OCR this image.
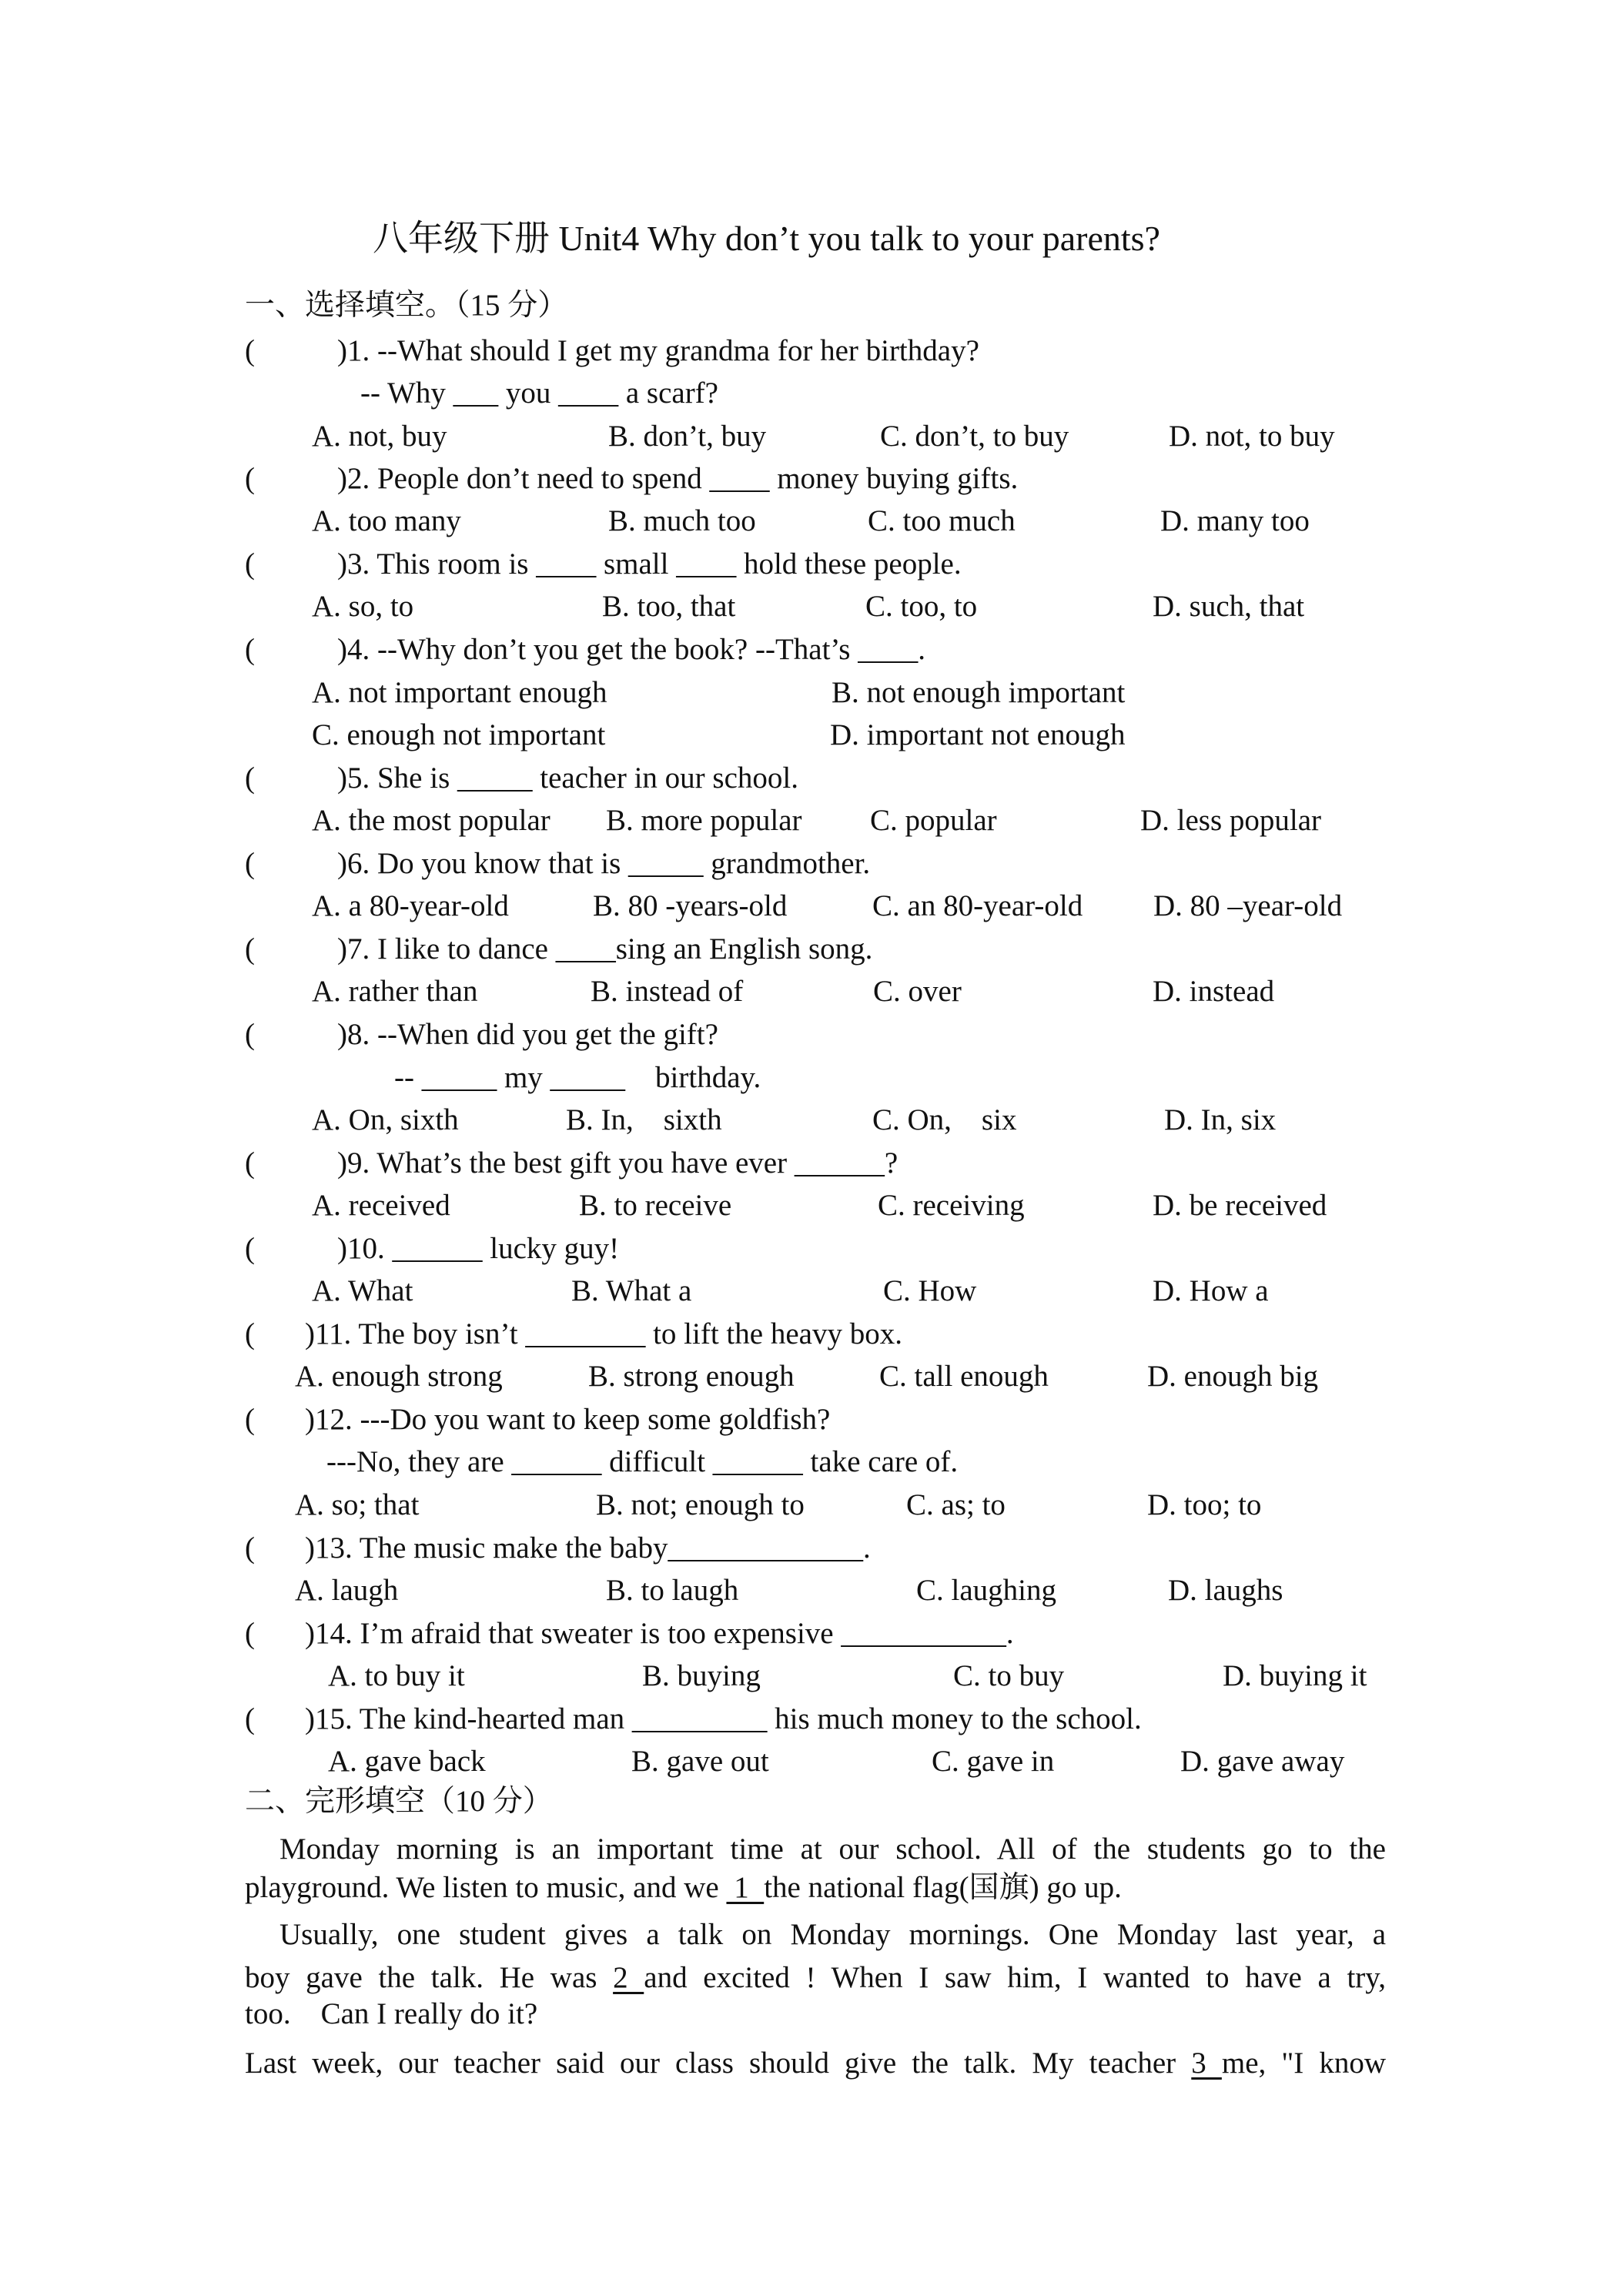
八年级下册 Unit4 Why don’t you talk to your parents?
一、选择填空。（15 分）
(	)1. --What should I get my grandma for her birthday?
-- Why ___ you ____ a scarf?
A. not, buy	B. don’t, buy	C. don’t, to buy	D. not, to buy
(	)2. People don’t need to spend ____ money buying gifts.
A. too many	B. much too	C. too much	D. many too
(	)3. This room is ____ small ____ hold these people.
A. so, to	B. too, that	C. too, to	D. such, that
(	)4. --Why don’t you get the book? --That’s ____.
A. not important enough	B. not enough important
C. enough not important	D. important not enough
(	)5. She is _____ teacher in our school.
A. the most popular B. more popular C. popular	D. less popular
(	)6. Do you know that is _____ grandmother.
A. a 80-year-old	B. 80 -years-old	C. an 80-year-old D. 80 –year-old
(	)7. I like to dance ____sing an English song.
A. rather than	B. instead of	C. over	D. instead
(	)8. --When did you get the gift?
-- _____ my _____    birthday.
A. On, sixth	B. In,    sixth	C. On,    six	D. In, six
(	)9. What’s the best gift you have ever ______?
A. received	B. to receive	C. receiving	D. be received
(	)10. ______ lucky guy!
A. What	B. What a	C. How	D. How a
( )11. The boy isn’t ________ to lift the heavy box.
A. enough strong	B. strong enough	C. tall enough	D. enough big
( )12. ---Do you want to keep some goldfish?
---No, they are ______ difficult ______ take care of.
A. so; that	B. not; enough to	C. as; to	D. too; to
( )13. The music make the baby_____________.
A. laugh	B. to laugh	C. laughing	D. laughs
( )14. I’m afraid that sweater is too expensive ___________.
A. to buy it	B. buying	C. to buy	D. buying it
( )15. The kind-hearted man _________ his much money to the school.
A. gave back	B. gave out	C. gave in	D. gave away
二、完形填空（10 分）
Monday morning is an important time at our school. All of the students go to the
playground. We listen to music, and we  1  the national flag(国旗) go up.
Usually, one student gives a talk on Monday mornings. One Monday last year, a
boy gave the talk. He was 2 and excited ! When I saw him, I wanted to have a try,
too.    Can I really do it?
Last week, our teacher said our class should give the talk. My teacher 3 me, "I know
